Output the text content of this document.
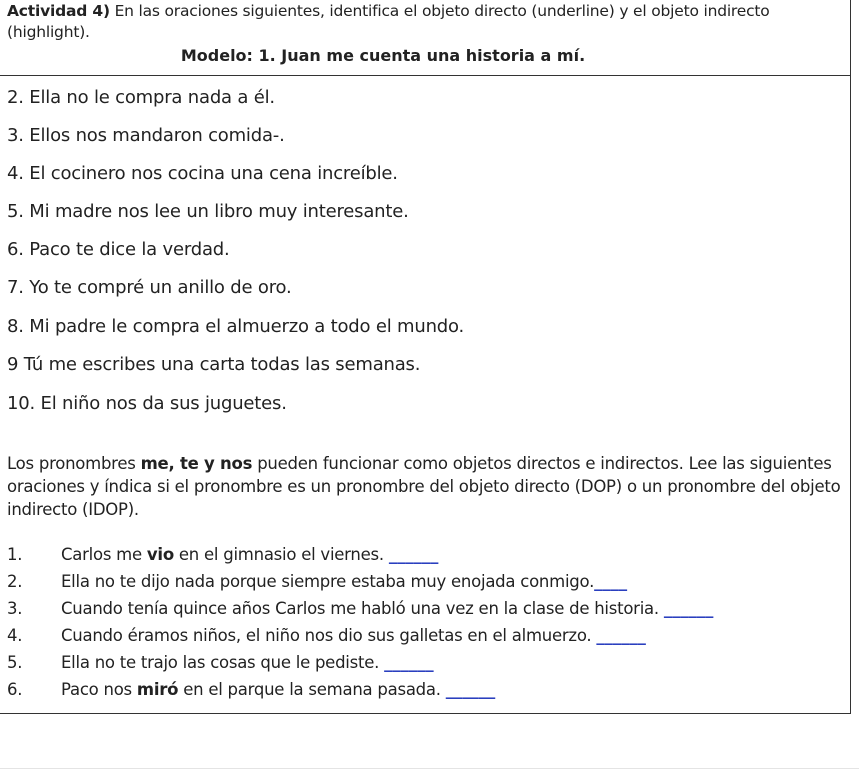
Actividad 4) En las oraciones siguientes, identifica el objeto directo (underline) y el objeto indirecto (highlight).
Modelo: 1. Juan me cuenta una historia a mí.
2. Ella no le compra nada a él.
3. Ellos nos mandaron comida-.
4. El cocinero nos cocina una cena increíble.
5. Mi madre nos lee un libro muy interesante.
6. Paco te dice la verdad.
7. Yo te compré un anillo de oro.
8. Mi padre le compra el almuerzo a todo el mundo.
9 Tú me escribes una carta todas las semanas.
10. El niño nos da sus juguetes.
Los pronombres me, te y nos pueden funcionar como objetos directos e indirectos. Lee las siguientes oraciones y índica si el pronombre es un pronombre del objeto directo (DOP) o un pronombre del objeto indirecto (IDOP).
1. Carlos me vio en el gimnasio el viernes. ______
2. Ella no te dijo nada porque siempre estaba muy enojada conmigo.____
3. Cuando tenía quince años Carlos me habló una vez en la clase de historia. ______
4. Cuando éramos niños, el niño nos dio sus galletas en el almuerzo. ______
5. Ella no te trajo las cosas que le pediste. ______
6. Paco nos miró en el parque la semana pasada. ______
